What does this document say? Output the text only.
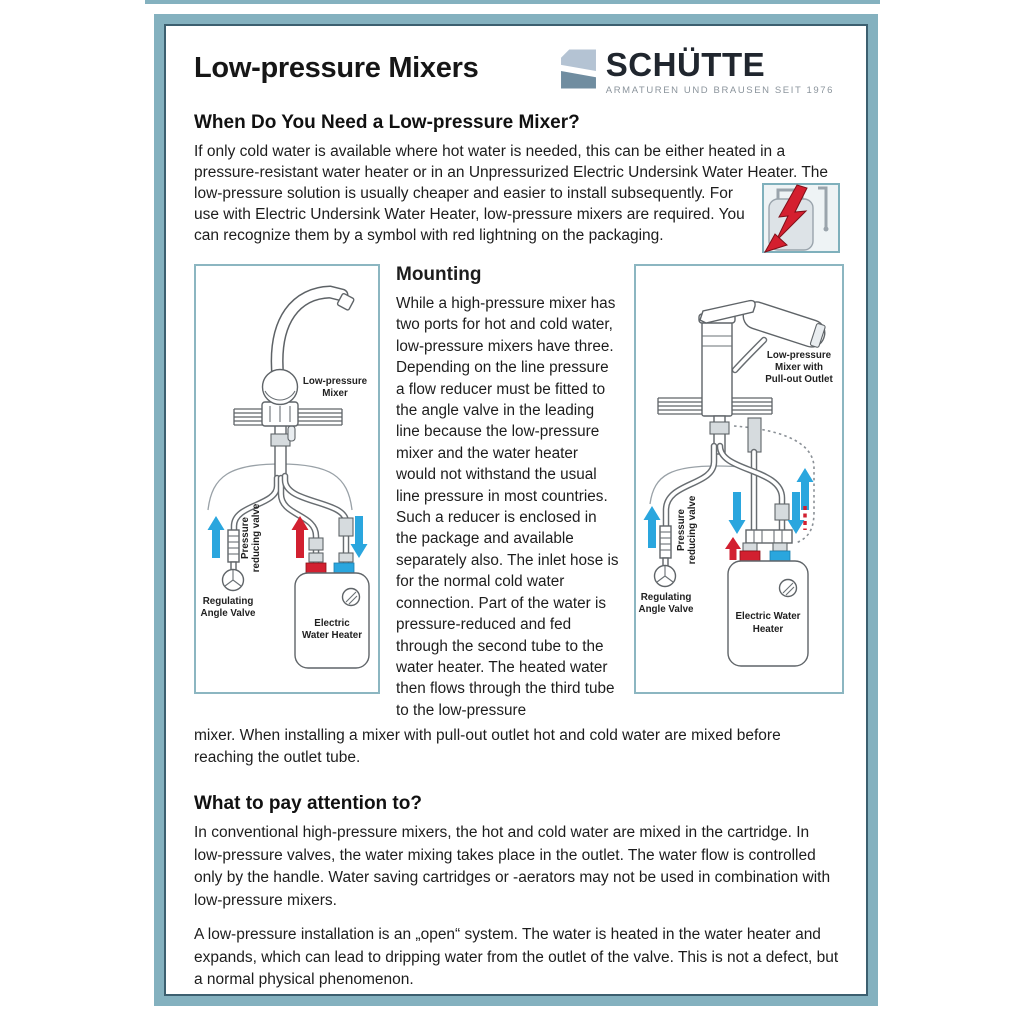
Low-pressure Mixers	SCHÜTTE
ARMATUREN UND BRAUSEN SEIT 1976
When Do You Need a Low-pressure Mixer?

If only cold water is available where hot water is needed, this can be either heated in a pressure-resistant water heater or in an Unpressurized Electric Undersink Water Heater. The low-pressure solution is usually cheaper and easier to install subsequently. For use with Electric Undersink Water Heater, low-pressure mixers are required. You can recognize them by a symbol with red lightning on the packaging.

Low-pressure
Mixer
Pressure reducing valve
Regulating
Angle Valve
Electric
Water Heater
Mounting

While a high-pressure mixer has two ports for hot and cold water, low-pressure mixers have three. Depending on the line pressure a flow reducer must be fitted to the angle valve in the leading line because the low-pressure mixer and the water heater would not withstand the usual line pressure in most countries. Such a reducer is enclosed in the package and available separately also. The inlet hose is for the normal cold water connection. Part of the water is pressure-reduced and fed through the second tube to the water heater. The heated water then flows through the third tube to the low-pressure

Low-pressure
Mixer with
Pull-out Outlet
Pressure reducing valve
Regulating
Angle Valve
Electric Water
Heater

mixer. When installing a mixer with pull-out outlet hot and cold water are mixed before reaching the outlet tube.

What to pay attention to?

In conventional high-pressure mixers, the hot and cold water are mixed in the cartridge. In low-pressure valves, the water mixing takes place in the outlet. The water flow is controlled only by the handle. Water saving cartridges or -aerators may not be used in combination with low-pressure mixers.

A low-pressure installation is an „open“ system. The water is heated in the water heater and expands, which can lead to dripping water from the outlet of the valve. This is not a defect, but a normal physical phenomenon.
